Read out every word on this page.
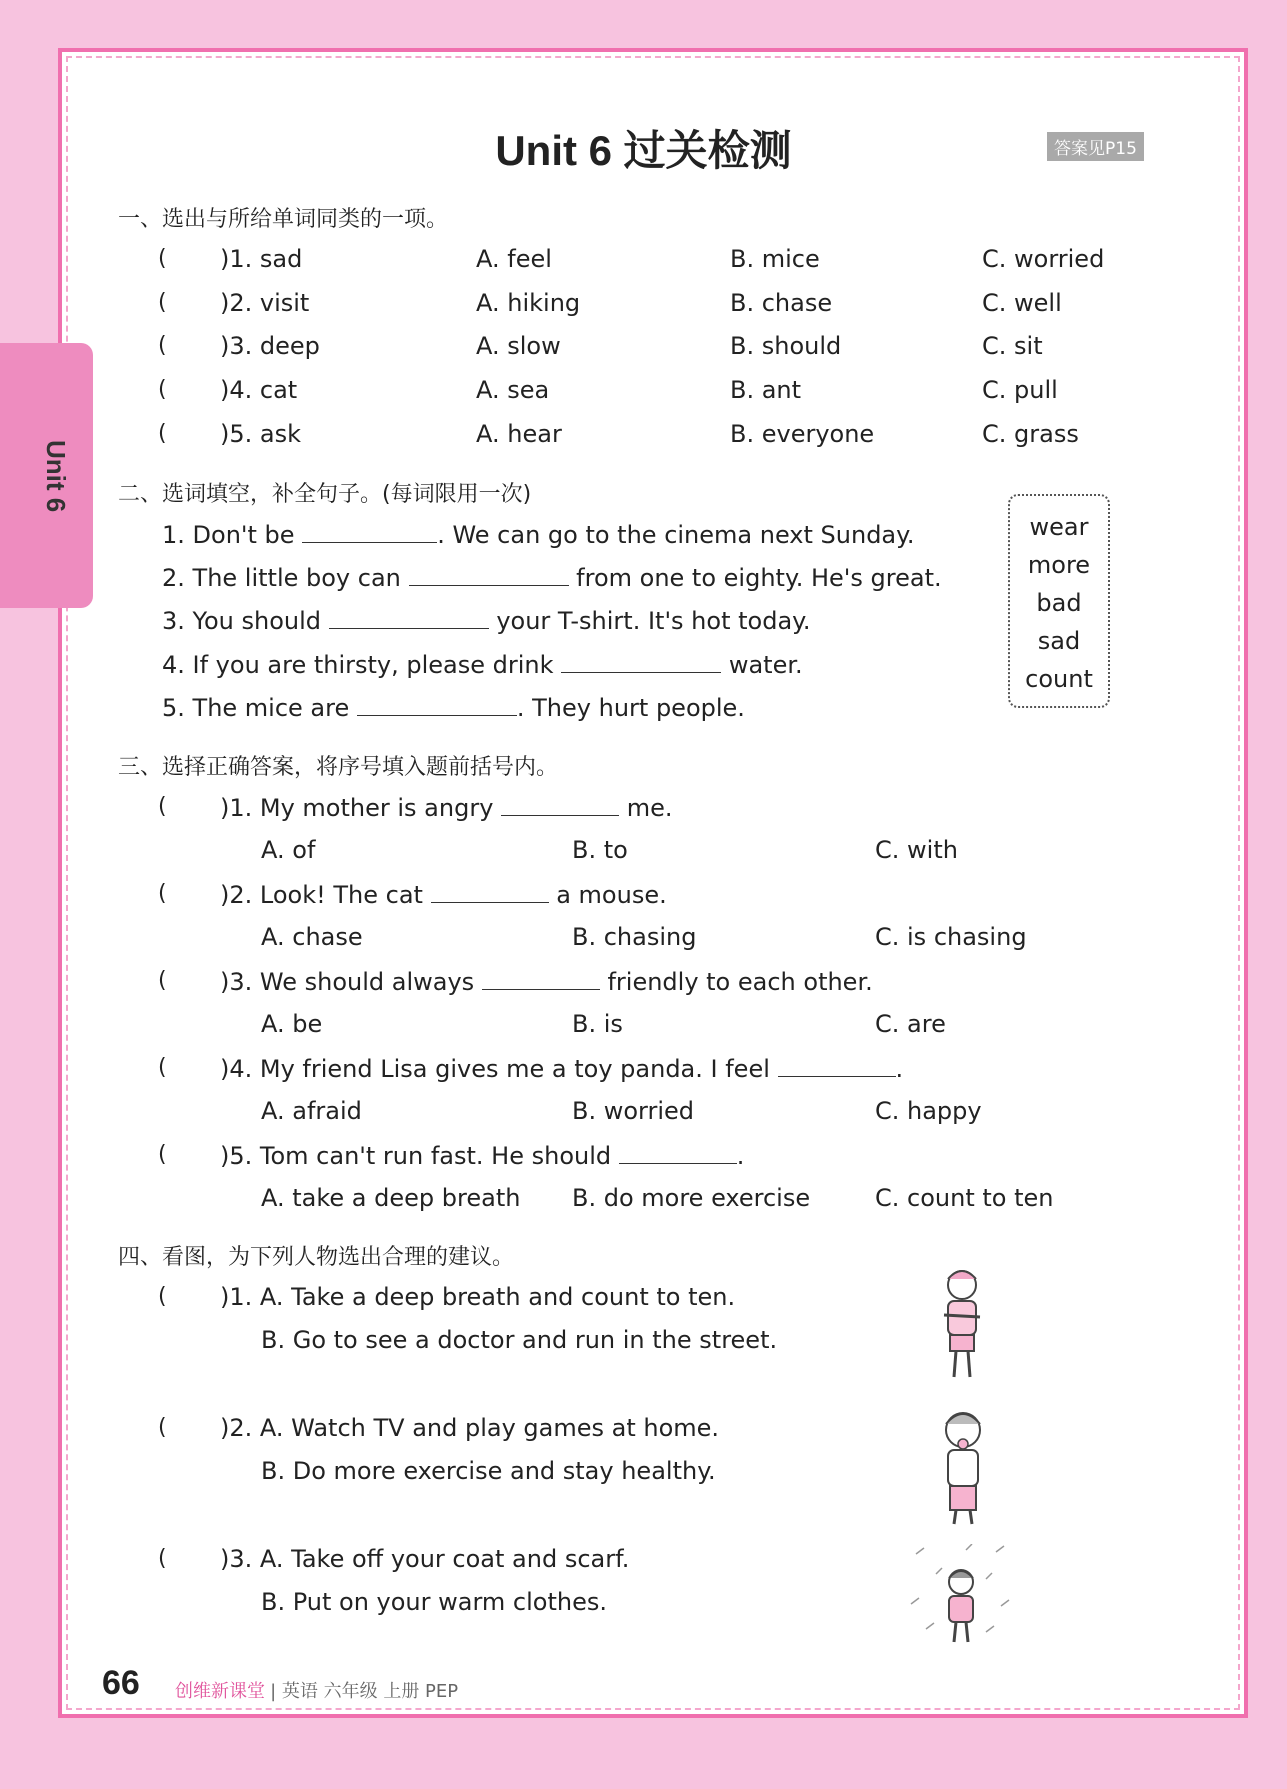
Unit 6
Unit 6 过关检测	答案见P15
一、选出与所给单词同类的一项。
( )1. sad	A. feel	B. mice	C. worried
( )2. visit	A. hiking	B. chase	C. well
( )3. deep	A. slow	B. should	C. sit
( )4. cat	A. sea	B. ant	C. pull
( )5. ask	A. hear	B. everyone	C. grass
二、选词填空，补全句子。(每词限用一次)
1. Don't be	. We can go to the cinema next Sunday.
2. The little boy can	from one to eighty. He's great.
3. You should	your T-shirt. It's hot today.
4. If you are thirsty, please drink	water.
5. The mice are	. They hurt people.
wear
more
bad
sad
count
三、选择正确答案，将序号填入题前括号内。
( )1. My mother is angry	me.
A. of	B. to	C. with
( )2. Look! The cat	a mouse.
A. chase	B. chasing	C. is chasing
( )3. We should always	friendly to each other.
A. be	B. is	C. are
( )4. My friend Lisa gives me a toy panda. I feel	.
A. afraid	B. worried	C. happy
( )5. Tom can't run fast. He should	.
A. take a deep breath B. do more exercise	C. count to ten
四、看图，为下列人物选出合理的建议。
( )1. A. Take a deep breath and count to ten.
B. Go to see a doctor and run in the street.
( )2. A. Watch TV and play games at home.
B. Do more exercise and stay healthy.
( )3. A. Take off your coat and scarf.
B. Put on your warm clothes.
66 创维新课堂 | 英语 六年级 上册 PEP
